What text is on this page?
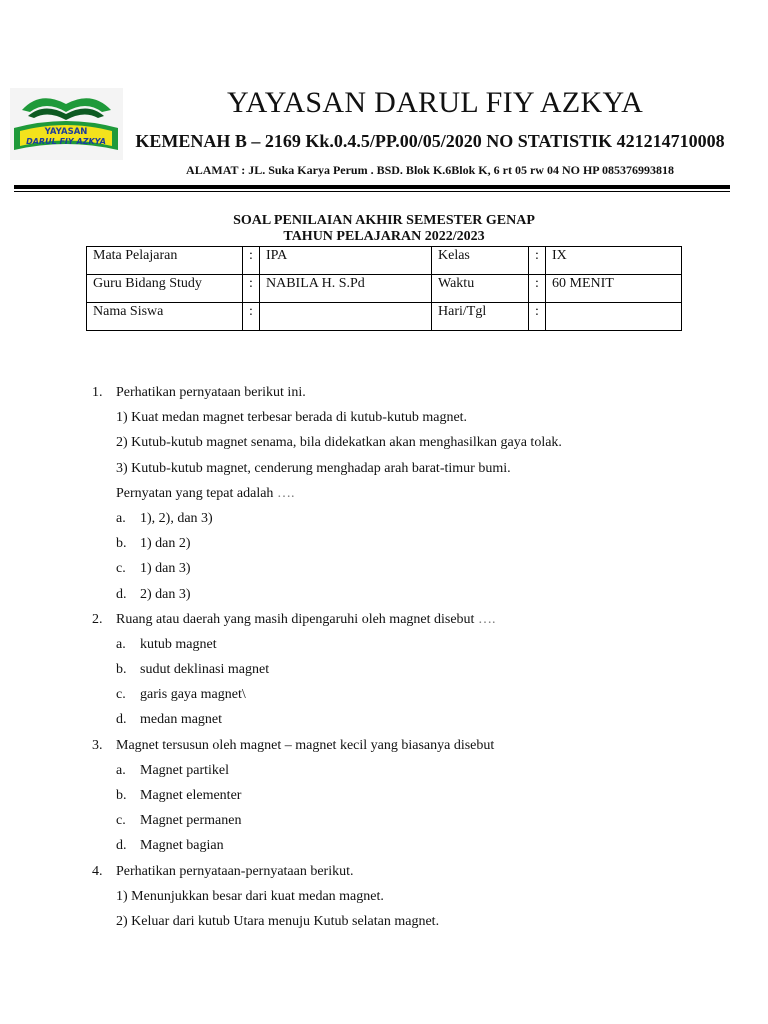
YAYASAN
DARUL FIY AZKYA
YAYASAN DARUL FIY AZKYA
KEMENAH B – 2169 Kk.0.4.5/PP.00/05/2020 NO STATISTIK 421214710008
ALAMAT : JL. Suka Karya Perum . BSD. Blok K.6Blok K, 6 rt 05 rw 04 NO HP 085376993818
SOAL PENILAIAN AKHIR SEMESTER GENAP
TAHUN PELAJARAN 2022/2023
Mata Pelajaran	:	IPA	Kelas	:	IX
Guru Bidang Study	:	NABILA H. S.Pd	Waktu	:	60 MENIT
Nama Siswa	:		Hari/Tgl	:	
1. Perhatikan pernyataan berikut ini.
1) Kuat medan magnet terbesar berada di kutub-kutub magnet.
2) Kutub-kutub magnet senama, bila didekatkan akan menghasilkan gaya tolak.
3) Kutub-kutub magnet, cenderung menghadap arah barat-timur bumi.
Pernyatan yang tepat adalah ….
a. 1), 2), dan 3)
b. 1) dan 2)
c. 1) dan 3)
d. 2) dan 3)
2. Ruang atau daerah yang masih dipengaruhi oleh magnet disebut ….
a. kutub magnet
b. sudut deklinasi magnet
c. garis gaya magnet\
d. medan magnet
3. Magnet tersusun oleh magnet – magnet kecil yang biasanya disebut
a. Magnet partikel
b. Magnet elementer
c. Magnet permanen
d. Magnet bagian
4. Perhatikan pernyataan-pernyataan berikut.
1) Menunjukkan besar dari kuat medan magnet.
2) Keluar dari kutub Utara menuju Kutub selatan magnet.
